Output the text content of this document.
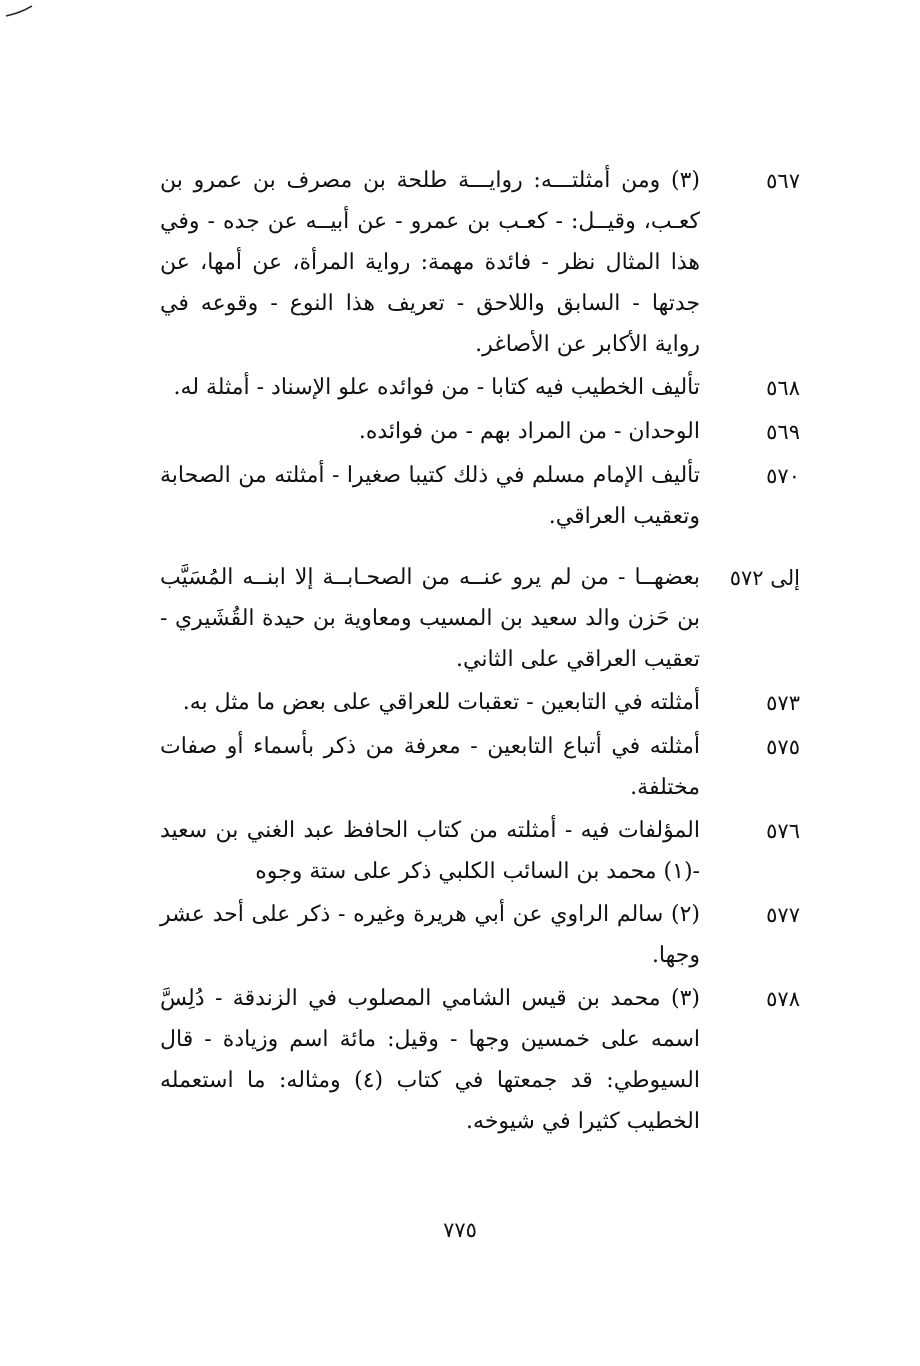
٥٦٧
(٣) ومن أمثلتـــه: روايـــة طلحة بن مصرف بن عمرو بن كعـب، وقيــل: - كعـب بن عمرو - عن أبيــه عن جده - وفي هذا المثال نظر - فائدة مهمة: رواية المرأة، عن أمها، عن جدتها - السابق واللاحق - تعريف هذا النوع - وقوعه في رواية الأكابر عن الأصاغر.
٥٦٨
تأليف الخطيب فيه كتابا - من فوائده علو الإسناد - أمثلة له.
٥٦٩
الوحدان - من المراد بهم - من فوائده.
٥٧٠
تأليف الإمام مسلم في ذلك كتيبا صغيرا - أمثلته من الصحابة وتعقيب العراقي.
إلى ٥٧٢
بعضهــا - من لم يرو عنــه من الصحـابــة إلا ابنــه المُسَيَّب بن حَزن والد سعيد بن المسيب ومعاوية بن حيدة القُشَيري - تعقيب العراقي على الثاني.
٥٧٣
أمثلته في التابعين - تعقبات للعراقي على بعض ما مثل به.
٥٧٥
أمثلته في أتباع التابعين - معرفة من ذكر بأسماء أو صفات مختلفة.
٥٧٦
المؤلفات فيه - أمثلته من كتاب الحافظ عبد الغني بن سعيد -(١) محمد بن السائب الكلبي ذكر على ستة وجوه
٥٧٧
(٢) سالم الراوي عن أبي هريرة وغيره - ذكر على أحد عشر وجها.
٥٧٨
(٣) محمد بن قيس الشامي المصلوب في الزندقة - دُلِسَّ اسمه على خمسين وجها - وقيل: مائة اسم وزيادة - قال السيوطي: قد جمعتها في كتاب (٤) ومثاله: ما استعمله الخطيب كثيرا في شيوخه.
٧٧٥
